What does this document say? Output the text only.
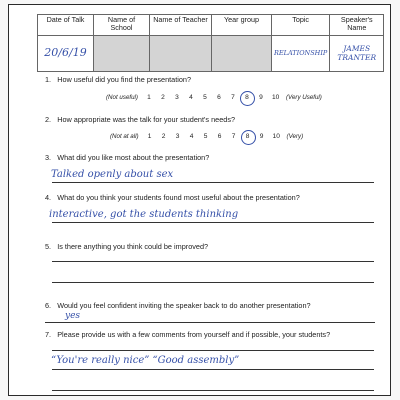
Date of Talk	Name of School	Name of Teacher	Year group	Topic	Speaker's Name
20/6/19				RELATIONSHIP	JAMES TRANTER
1. How useful did you find the presentation?
(Not useful) 1 2 3 4 5 6 7 8 9 10 (Very Useful)
2. How appropriate was the talk for your student's needs?
(Not at all) 1 2 3 4 5 6 7 8 9 10 (Very)
3. What did you like most about the presentation?
Talked openly about sex
4. What do you think your students found most useful about the presentation?
interactive, got the students thinking
5. Is there anything you think could be improved?
6. Would you feel confident inviting the speaker back to do another presentation?
yes
7. Please provide us with a few comments from yourself and if possible, your students?
“You're really nice” “Good assembly”
